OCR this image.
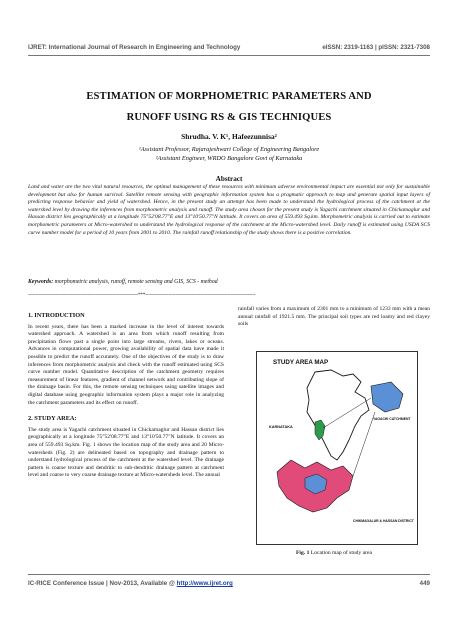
IJRET: International Journal of Research in Engineering and Technology	eISSN: 2319-1163 | pISSN: 2321-7308
ESTIMATION OF MORPHOMETRIC PARAMETERS AND
RUNOFF USING RS & GIS TECHNIQUES
Shrudha. V. K¹, Hafeezunnisa²
¹Assistant Professor, Rajarajeshwari College of Engineering Bangalore
²Assistant Engineer, WRDO Bangalore Govt of Karnataka
Abstract
Land and water are the two vital natural resources, the optimal management of these resources with minimum adverse environmental impact are essential not only for sustainable development but also for human survival. Satellite remote sensing with geographic information system has a pragmatic approach to map and generate spatial input layers of predicting response behavior and yield of watershed. Hence, in the present study an attempt has been made to understand the hydrological process of the catchment at the watershed level by drawing the inferences from morphometric analysis and runoff. The study area chosen for the present study is Yagachi catchment situated in Chickamaglur and Hassan district lies geographically at a longitude 75°52'08.77"E and 13°10'50.77"N latitude. It covers an area of 559.493 Sq.km. Morphometric analysis is carried out to estimate morphometric parameters at Micro-watershed to understand the hydrological response of the catchment at the Micro-watershed level. Daily runoff is estimated using USDA SCS curve number model for a period of 10 years from 2001 to 2010. The rainfall runoff relationship of the study shows there is a positive correlation.
Keywords: morphometric analysis, runoff, remote sensing and GIS, SCS - method
------------------------------------------------------------------------***------------------------------------------------------------------------
1. INTRODUCTION

In recent years, there has been a marked increase in the level of interest towards watershed approach. A watershed is an area from which runoff resulting from precipitation flows past a single point into large streams, rivers, lakes or oceans. Advances in computational power, growing availability of spatial data have made it possible to predict the runoff accurately. One of the objectives of the study is to draw inferences from morphometric analysis and check with the runoff estimated using SCS curve number model. Quantitative description of the catchment geometry requires measurement of linear features, gradient of channel network and contributing slope of the drainage basin. For this, the remote sensing techniques using satellite images and digital database using geographic information system plays a major role in analyzing the catchment parameters and its effect on runoff.

2. STUDY AREA:

The study area is Yagachi catchment situated in Chickamaglur and Hassan district lies geographically at a longitude 75°52'08.77"E and 13°10'50.77"N latitude. It covers an area of 559.493 Sq.km. Fig. 1 shows the location map of the study area and 20 Micro-watersheds (Fig. 2) are delineated based on topography and drainage pattern to understand hydrological process of the catchment at the watershed level. The drainage pattern is coarse texture and dendritic to sub-dendritic drainage pattern at catchment level and coarse to very coarse drainage texture at Micro-watersheds level. The annual

rainfall varies from a maximum of 2301 mm to a minimum of 1233 mm with a mean annual rainfall of 1921.5 mm. The principal soil types are red loamy and red clayey soils

STUDY AREA MAP
KARNATAKA
YAGACHI CATCHMENT
CHIKMAGALUR & HASSAN DISTRICT
Fig. 1 Location map of study area
IC-RICE Conference Issue | Nov-2013, Available @ http://www.ijret.org	449
